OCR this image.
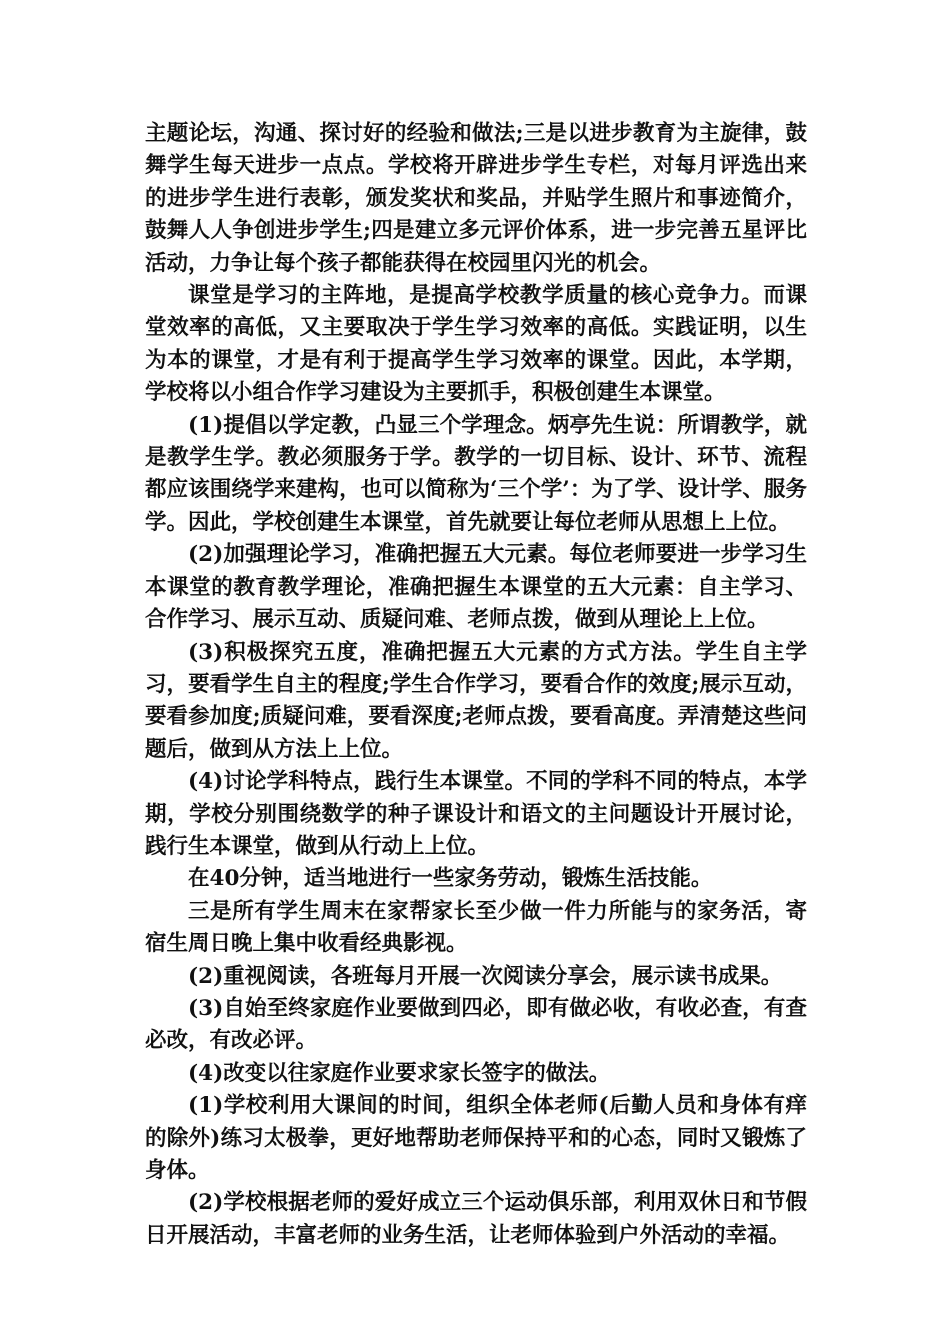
主题论坛，沟通、探讨好的经验和做法;三是以进步教育为主旋律，鼓舞学生每天进步一点点。学校将开辟进步学生专栏，对每月评选出来的进步学生进行表彰，颁发奖状和奖品，并贴学生照片和事迹简介，鼓舞人人争创进步学生;四是建立多元评价体系，进一步完善五星评比活动，力争让每个孩子都能获得在校园里闪光的机会。

课堂是学习的主阵地，是提高学校教学质量的核心竞争力。而课堂效率的高低，又主要取决于学生学习效率的高低。实践证明，以生为本的课堂，才是有利于提高学生学习效率的课堂。因此，本学期，学校将以小组合作学习建设为主要抓手，积极创建生本课堂。

(1)提倡以学定教，凸显三个学理念。炳亭先生说：所谓教学，就是教学生学。教必须服务于学。教学的一切目标、设计、环节、流程都应该围绕学来建构，也可以简称为‘三个学’：为了学、设计学、服务学。因此，学校创建生本课堂，首先就要让每位老师从思想上上位。

(2)加强理论学习，准确把握五大元素。每位老师要进一步学习生本课堂的教育教学理论，准确把握生本课堂的五大元素：自主学习、合作学习、展示互动、质疑问难、老师点拨，做到从理论上上位。

(3)积极探究五度，准确把握五大元素的方式方法。学生自主学习，要看学生自主的程度;学生合作学习，要看合作的效度;展示互动，要看参加度;质疑问难，要看深度;老师点拨，要看高度。弄清楚这些问题后，做到从方法上上位。

(4)讨论学科特点，践行生本课堂。不同的学科不同的特点，本学期，学校分别围绕数学的种子课设计和语文的主问题设计开展讨论，践行生本课堂，做到从行动上上位。

在40分钟，适当地进行一些家务劳动，锻炼生活技能。

三是所有学生周末在家帮家长至少做一件力所能与的家务活，寄宿生周日晚上集中收看经典影视。

(2)重视阅读，各班每月开展一次阅读分享会，展示读书成果。

(3)自始至终家庭作业要做到四必，即有做必收，有收必查，有查必改，有改必评。

(4)改变以往家庭作业要求家长签字的做法。

(1)学校利用大课间的时间，组织全体老师(后勤人员和身体有痒的除外)练习太极拳，更好地帮助老师保持平和的心态，同时又锻炼了身体。

(2)学校根据老师的爱好成立三个运动俱乐部，利用双休日和节假日开展活动，丰富老师的业务生活，让老师体验到户外活动的幸福。
